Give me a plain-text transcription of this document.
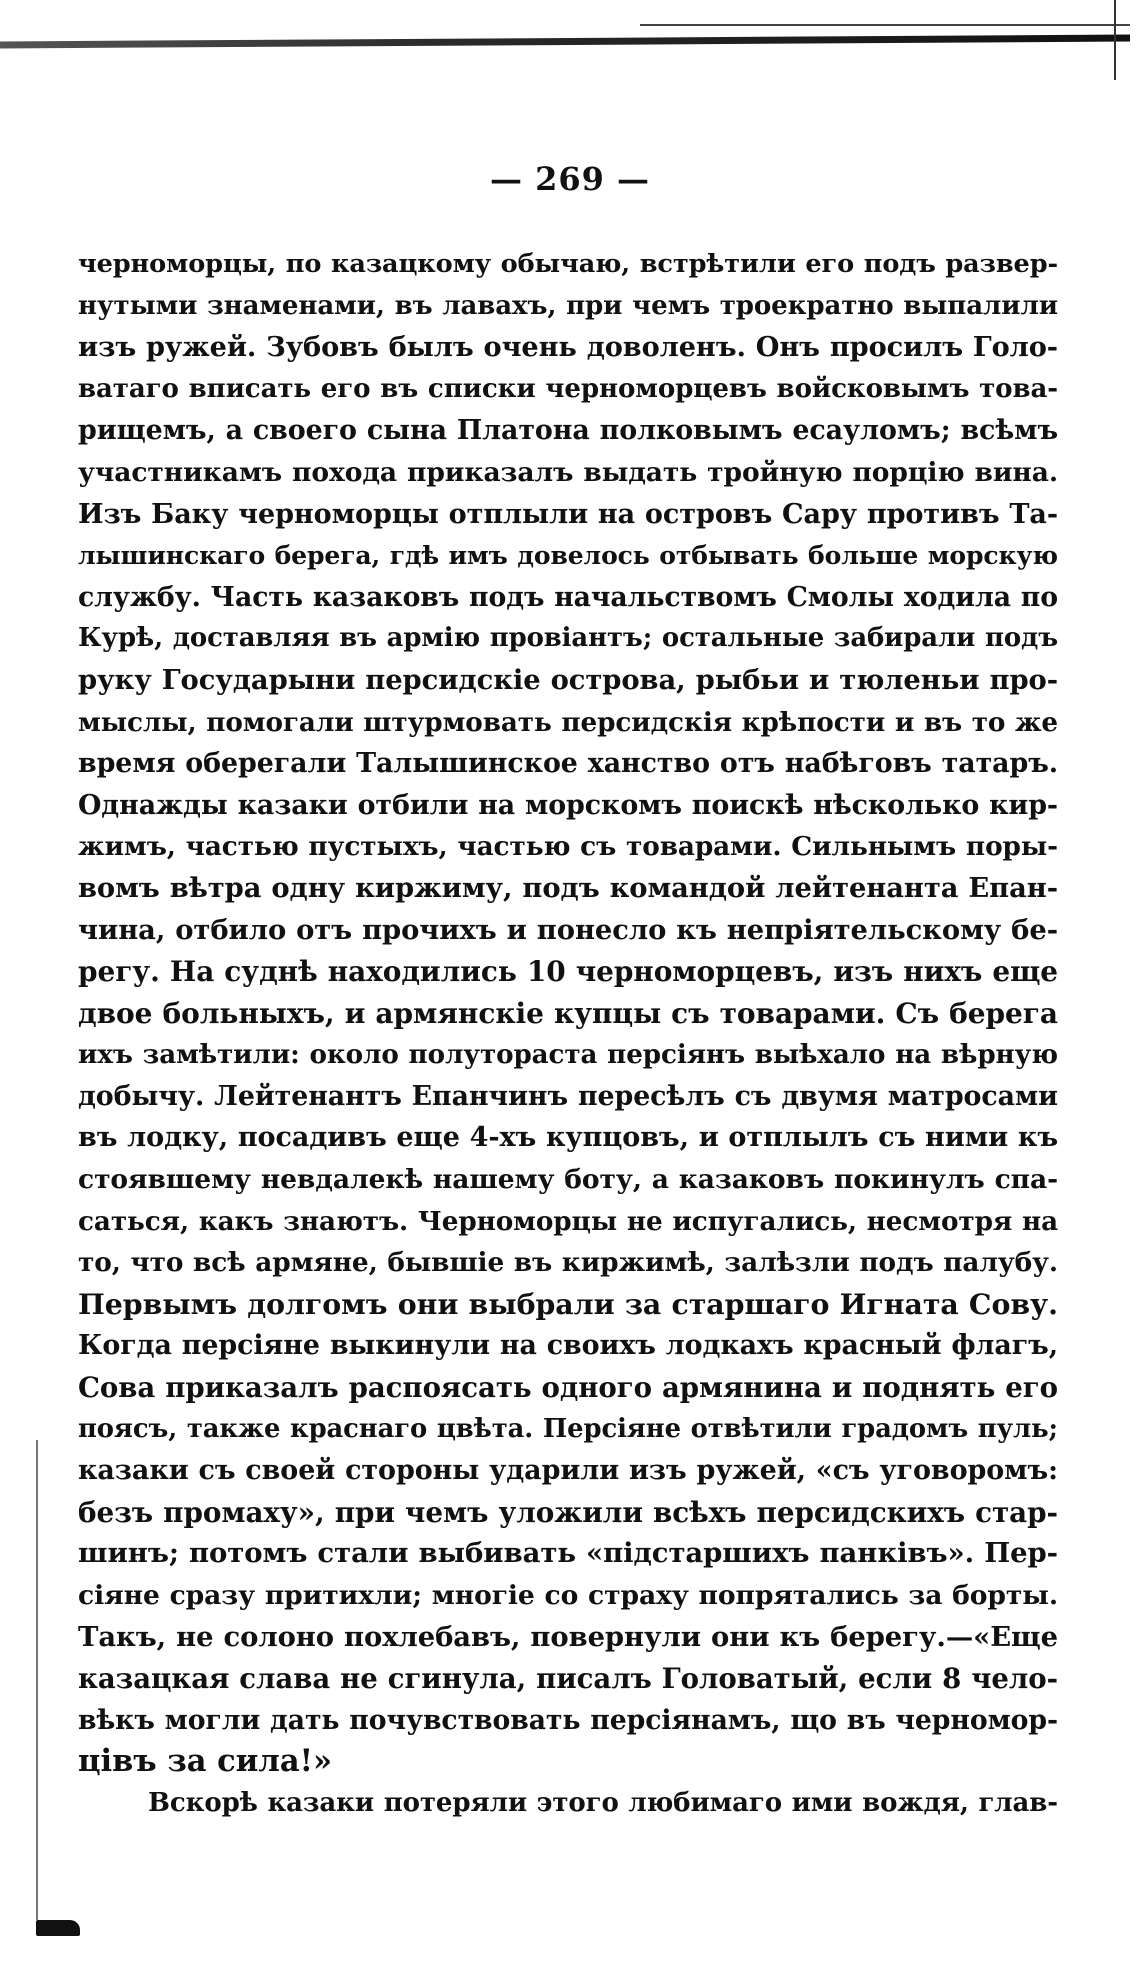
— 269 —
черноморцы, по казацкому обычаю, встрѣтили его подъ развер-
нутыми знаменами, въ лавахъ, при чемъ троекратно выпалили
изъ ружей. Зубовъ былъ очень доволенъ. Онъ просилъ Голо-
ватаго вписать его въ списки черноморцевъ войсковымъ това-
рищемъ, а своего сына Платона полковымъ есауломъ; всѣмъ
участникамъ похода приказалъ выдать тройную порцію вина.
Изъ Баку черноморцы отплыли на островъ Сару противъ Та-
лышинскаго берега, гдѣ имъ довелось отбывать больше морскую
службу. Часть казаковъ подъ начальствомъ Смолы ходила по
Курѣ, доставляя въ армію провіантъ; остальные забирали подъ
руку Государыни персидскіе острова, рыбьи и тюленьи про-
мыслы, помогали штурмовать персидскія крѣпости и въ то же
время оберегали Талышинское ханство отъ набѣговъ татаръ.
Однажды казаки отбили на морскомъ поискѣ нѣсколько кир-
жимъ, частью пустыхъ, частью съ товарами. Сильнымъ поры-
вомъ вѣтра одну киржиму, подъ командой лейтенанта Епан-
чина, отбило отъ прочихъ и понесло къ непріятельскому бе-
регу. На суднѣ находились 10 черноморцевъ, изъ нихъ еще
двое больныхъ, и армянскіе купцы съ товарами. Съ берега
ихъ замѣтили: около полутораста персіянъ выѣхало на вѣрную
добычу. Лейтенантъ Епанчинъ пересѣлъ съ двумя матросами
въ лодку, посадивъ еще 4-хъ купцовъ, и отплылъ съ ними къ
стоявшему невдалекѣ нашему боту, а казаковъ покинулъ спа-
саться, какъ знаютъ. Черноморцы не испугались, несмотря на
то, что всѣ армяне, бывшіе въ киржимѣ, залѣзли подъ палубу.
Первымъ долгомъ они выбрали за старшаго Игната Сову.
Когда персіяне выкинули на своихъ лодкахъ красный флагъ,
Сова приказалъ распоясать одного армянина и поднять его
поясъ, также краснаго цвѣта. Персіяне отвѣтили градомъ пуль;
казаки съ своей стороны ударили изъ ружей, «съ уговоромъ:
безъ промаху», при чемъ уложили всѣхъ персидскихъ стар-
шинъ; потомъ стали выбивать «підстаршихъ панківъ». Пер-
сіяне сразу притихли; многіе со страху попрятались за борты.
Такъ, не солоно похлебавъ, повернули они къ берегу.—«Еще
казацкая слава не сгинула, писалъ Головатый, если 8 чело-
вѣкъ могли дать почувствовать персіянамъ, що въ черномор-
цівъ за сила!»
Вскорѣ казаки потеряли этого любимаго ими вождя, глав-
